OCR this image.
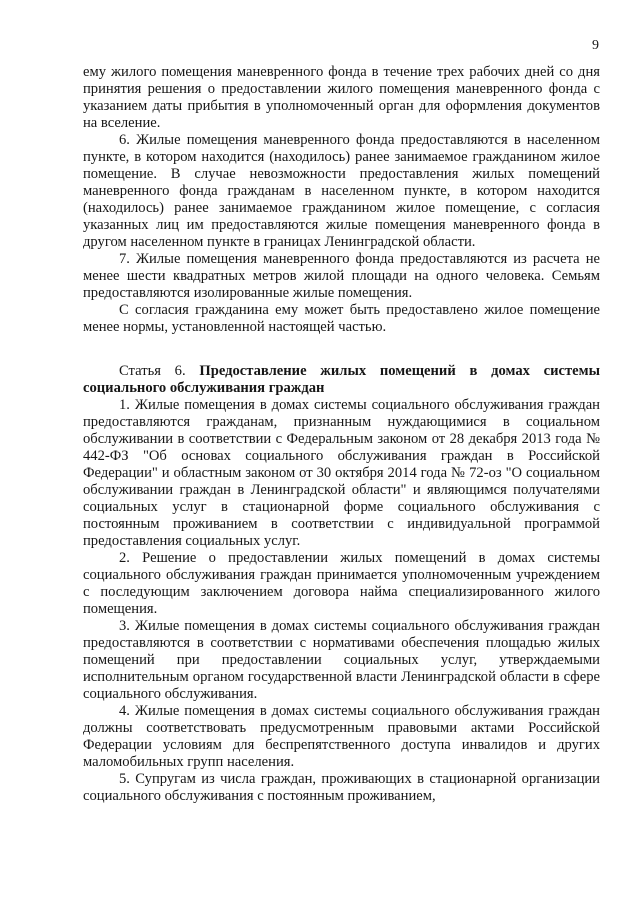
9

ему жилого помещения маневренного фонда в течение трех рабочих дней со дня принятия решения о предоставлении жилого помещения маневренного фонда с указанием даты прибытия в уполномоченный орган для оформления документов на вселение.

6. Жилые помещения маневренного фонда предоставляются в населенном пункте, в котором находится (находилось) ранее занимаемое гражданином жилое помещение. В случае невозможности предоставления жилых помещений маневренного фонда гражданам в населенном пункте, в котором находится (находилось) ранее занимаемое гражданином жилое помещение, с согласия указанных лиц им предоставляются жилые помещения маневренного фонда в другом населенном пункте в границах Ленинградской области.

7. Жилые помещения маневренного фонда предоставляются из расчета не менее шести квадратных метров жилой площади на одного человека. Семьям предоставляются изолированные жилые помещения.

С согласия гражданина ему может быть предоставлено жилое помещение менее нормы, установленной настоящей частью.

Статья 6. Предоставление жилых помещений в домах системы социального обслуживания граждан

1. Жилые помещения в домах системы социального обслуживания граждан предоставляются гражданам, признанным нуждающимися в социальном обслуживании в соответствии с Федеральным законом от 28 декабря 2013 года № 442-ФЗ "Об основах социального обслуживания граждан в Российской Федерации" и областным законом от 30 октября 2014 года № 72-оз "О социальном обслуживании граждан в Ленинградской области" и являющимся получателями социальных услуг в стационарной форме социального обслуживания с постоянным проживанием в соответствии с индивидуальной программой предоставления социальных услуг.

2. Решение о предоставлении жилых помещений в домах системы социального обслуживания граждан принимается уполномоченным учреждением с последующим заключением договора найма специализированного жилого помещения.

3. Жилые помещения в домах системы социального обслуживания граждан предоставляются в соответствии с нормативами обеспечения площадью жилых помещений при предоставлении социальных услуг, утверждаемыми исполнительным органом государственной власти Ленинградской области в сфере социального обслуживания.

4. Жилые помещения в домах системы социального обслуживания граждан должны соответствовать предусмотренным правовыми актами Российской Федерации условиям для беспрепятственного доступа инвалидов и других маломобильных групп населения.

5. Супругам из числа граждан, проживающих в стационарной организации социального обслуживания с постоянным проживанием,
